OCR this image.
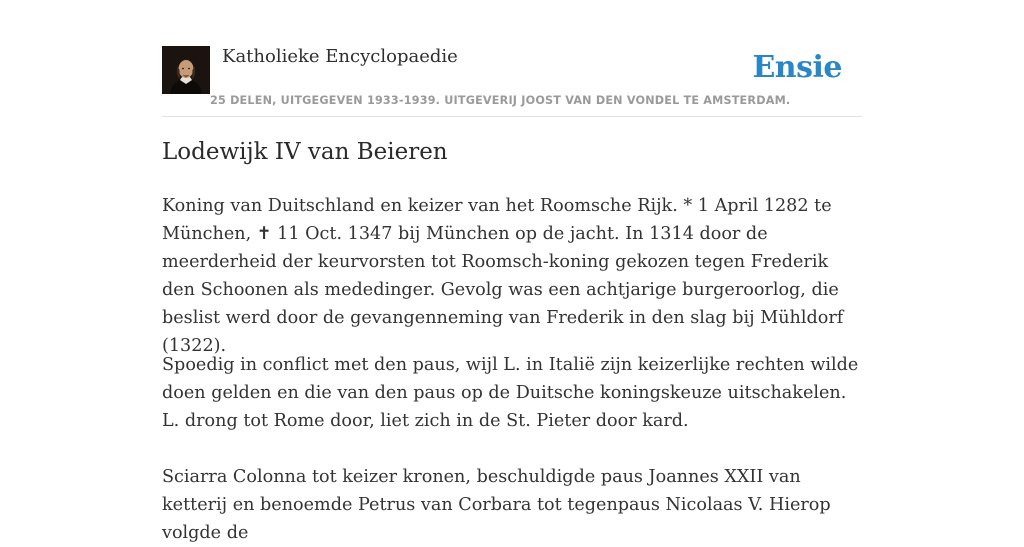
Katholieke Encyclopaedie	Ensie
25 DELEN, UITGEGEVEN 1933-1939. UITGEVERIJ JOOST VAN DEN VONDEL TE AMSTERDAM.
Lodewijk IV van Beieren

Koning van Duitschland en keizer van het Roomsche Rijk. * 1 April 1282 te München, ✝ 11 Oct. 1347 bij München op de jacht. In 1314 door de meerderheid der keurvorsten tot Roomsch-koning gekozen tegen Frederik den Schoonen als mededinger. Gevolg was een achtjarige burgeroorlog, die beslist werd door de gevangenneming van Frederik in den slag bij Mühldorf (1322).

Spoedig in conflict met den paus, wijl L. in Italië zijn keizerlijke rechten wilde doen gelden en die van den paus op de Duitsche koningskeuze uitschakelen. L. drong tot Rome door, liet zich in de St. Pieter door kard.

Sciarra Colonna tot keizer kronen, beschuldigde paus Joannes XXII van ketterij en benoemde Petrus van Corbara tot tegenpaus Nicolaas V. Hierop volgde de
